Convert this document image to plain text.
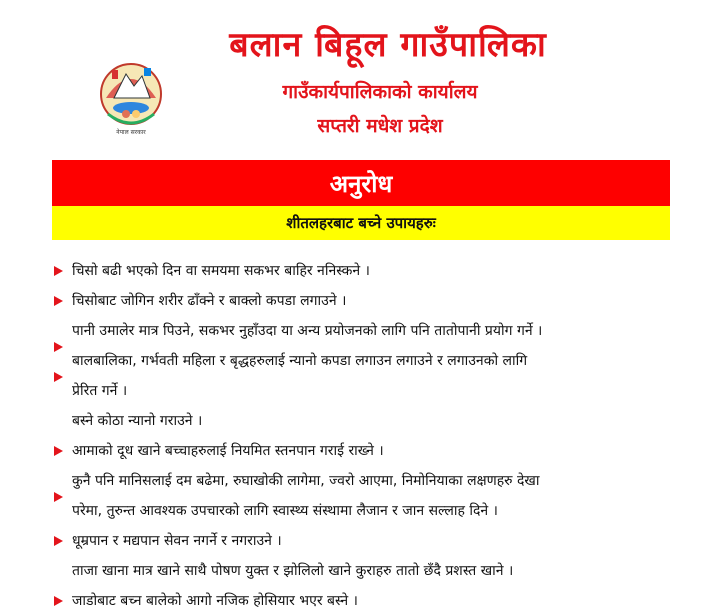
नेपाल सरकार
बलान बिहूल गाउँपालिका
गाउँकार्यपालिकाको कार्यालय
सप्तरी मधेश प्रदेश
अनुरोध
शीतलहरबाट बच्ने उपायहरुः
चिसो बढी भएको दिन वा समयमा सकभर बाहिर ननिस्कने ।
चिसोबाट जोगिन शरीर ढाँक्ने र बाक्लो कपडा लगाउने ।
पानी उमालेर मात्र पिउने, सकभर नुहाँउदा या अन्य प्रयोजनको लागि पनि तातोपानी प्रयोग गर्ने ।
बालबालिका, गर्भवती महिला र बृद्धहरुलाई न्यानो कपडा लगाउन लगाउने र लगाउनको लागि
प्रेरित गर्ने ।
बस्ने कोठा न्यानो गराउने ।
आमाको दूध खाने बच्चाहरुलाई नियमित स्तनपान गराई राख्ने ।
कुनै पनि मानिसलाई दम बढेमा, रुघाखोकी लागेमा, ज्वरो आएमा, निमोनियाका लक्षणहरु देखा
परेमा, तुरुन्त आवश्यक उपचारको लागि स्वास्थ्य संस्थामा लैजान र जान सल्लाह दिने ।
धूम्रपान र मद्यपान सेवन नगर्ने र नगराउने ।
ताजा खाना मात्र खाने साथै पोषण युक्त र झोलिलो खाने कुराहरु तातो छँदै प्रशस्त खाने ।
जाडोबाट बच्न बालेको आगो नजिक होसियार भएर बस्ने ।
